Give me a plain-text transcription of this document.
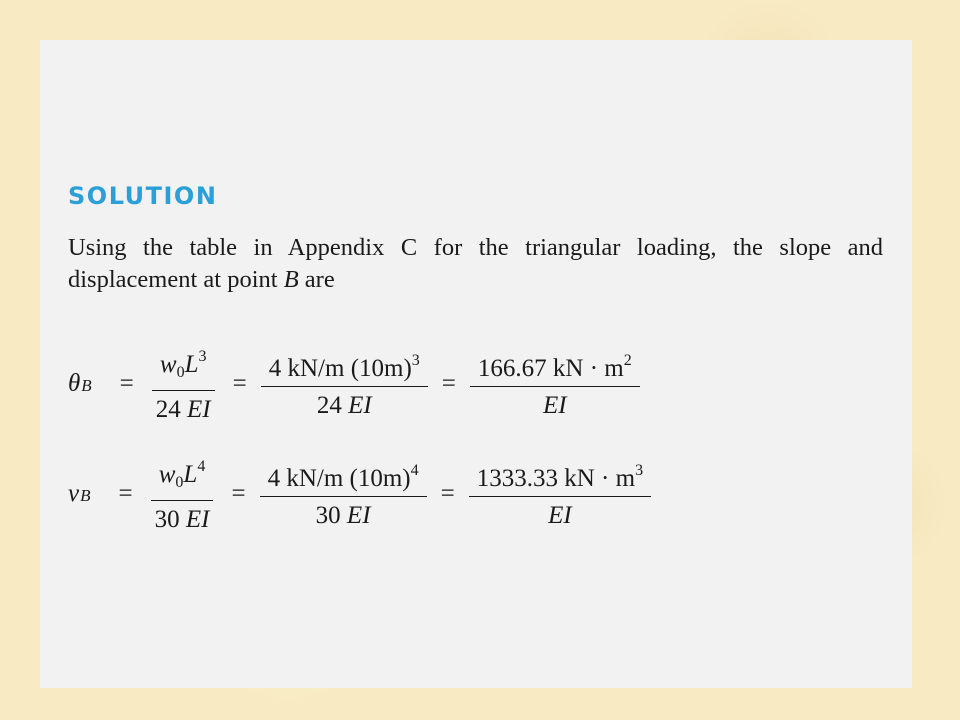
SOLUTION
Using the table in Appendix C for the triangular loading, the slope and displacement at point B are
θ $B = \frac{w_0L^3}{24 EI} = \frac{4 kN/m (10m)^3}{24 EI} = \frac{166.67 kN \cdot m^2}{EI}$
v $B = \frac{w_0L^4}{30 EI} = \frac{4 kN/m (10m)^4}{30 EI} = \frac{1333.33 kN \cdot m^3}{EI}$
